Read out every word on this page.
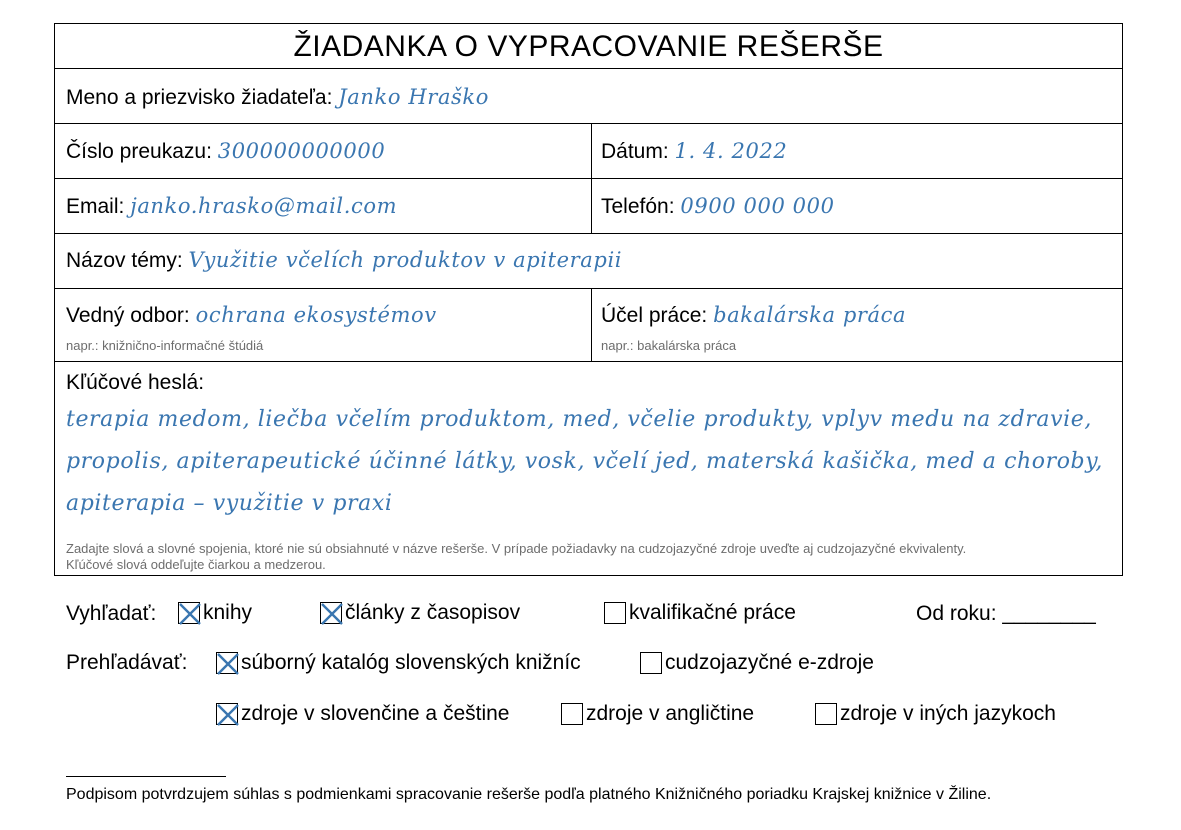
ŽIADANKA O VYPRACOVANIE REŠERŠE
Meno a priezvisko žiadateľa: Janko Hraško
Číslo preukazu: 300000000000	Dátum: 1. 4. 2022
Email: janko.hrasko@mail.com	Telefón: 0900 000 000
Názov témy: Využitie včelích produktov v apiterapii
Vedný odbor: ochrana ekosystémov
napr.: knižnično-informačné štúdiá
Účel práce: bakalárska práca
napr.: bakalárska práca
Kľúčové heslá:
terapia medom, liečba včelím produktom, med, včelie produkty, vplyv medu na zdravie,
propolis, apiterapeutické účinné látky, vosk, včelí jed, materská kašička, med a choroby,
apiterapia – využitie v praxi
Zadajte slová a slovné spojenia, ktoré nie sú obsiahnuté v názve rešerše. V prípade požiadavky na cudzojazyčné zdroje uveďte aj cudzojazyčné ekvivalenty.
Kľúčové slová oddeľujte čiarkou a medzerou.
Vyhľadať: knihy	články z časopisov	kvalifikačné práce	Od roku: ________
Prehľadávať:	súborný katalóg slovenských knižníc	cudzojazyčné e-zdroje
zdroje v slovenčine a češtine	zdroje v angličtine	zdroje v iných jazykoch
Podpisom potvrdzujem súhlas s podmienkami spracovanie rešerše podľa platného Knižničného poriadku Krajskej knižnice v Žiline.
